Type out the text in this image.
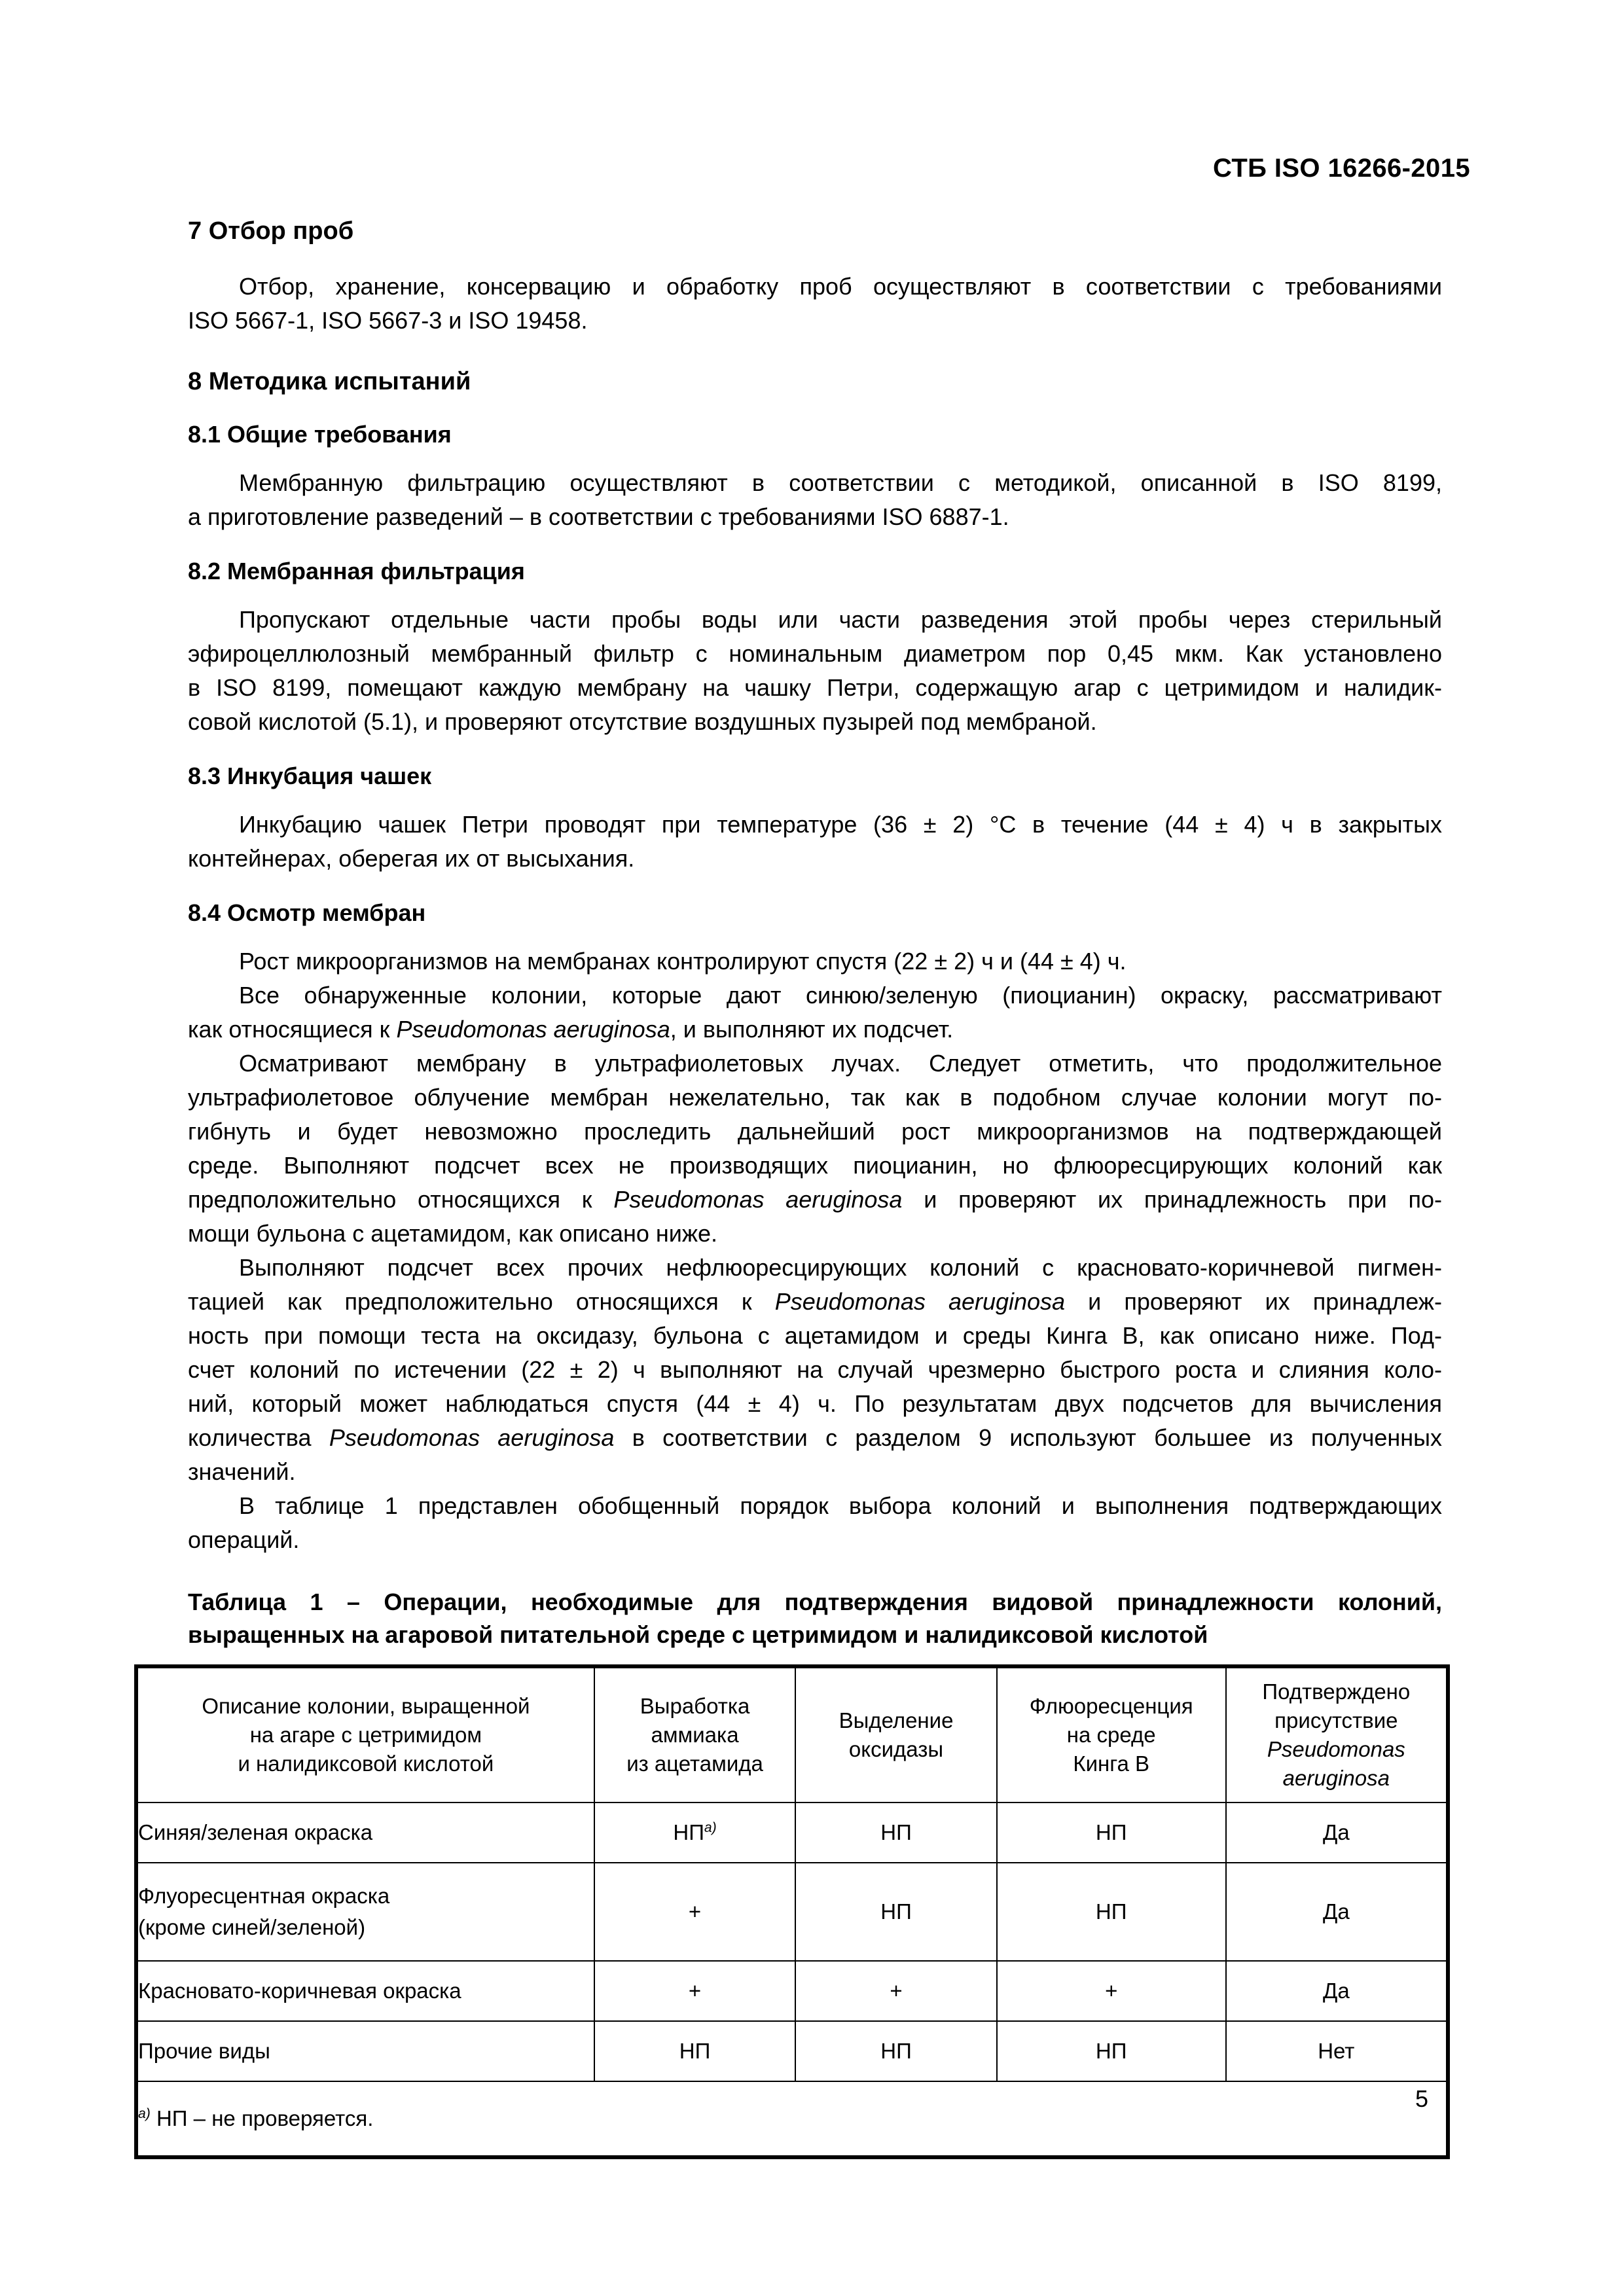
СТБ ISO 16266-2015
7 Отбор проб

Отбор, хранение, консервацию и обработку проб осуществляют в соответствии с требованиями
ISO 5667-1, ISO 5667-3 и ISO 19458.

8 Методика испытаний
8.1 Общие требования

Мембранную фильтрацию осуществляют в соответствии с методикой, описанной в ISO 8199,
а приготовление разведений – в соответствии с требованиями ISO 6887-1.

8.2 Мембранная фильтрация

Пропускают отдельные части пробы воды или части разведения этой пробы через стерильный
эфироцеллюлозный мембранный фильтр с номинальным диаметром пор 0,45 мкм. Как установлено
в ISO 8199, помещают каждую мембрану на чашку Петри, содержащую агар с цетримидом и налидик-
совой кислотой (5.1), и проверяют отсутствие воздушных пузырей под мембраной.

8.3 Инкубация чашек

Инкубацию чашек Петри проводят при температуре (36 ± 2) °C в течение (44 ± 4) ч в закрытых
контейнерах, оберегая их от высыхания.

8.4 Осмотр мембран

Рост микроорганизмов на мембранах контролируют спустя (22 ± 2) ч и (44 ± 4) ч.

Все обнаруженные колонии, которые дают синюю/зеленую (пиоцианин) окраску, рассматривают
как относящиеся к Pseudomonas aeruginosa, и выполняют их подсчет.

Осматривают мембрану в ультрафиолетовых лучах. Следует отметить, что продолжительное
ультрафиолетовое облучение мембран нежелательно, так как в подобном случае колонии могут по-
гибнуть и будет невозможно проследить дальнейший рост микроорганизмов на подтверждающей
среде. Выполняют подсчет всех не производящих пиоцианин, но флюоресцирующих колоний как
предположительно относящихся к Pseudomonas aeruginosa и проверяют их принадлежность при по-
мощи бульона с ацетамидом, как описано ниже.

Выполняют подсчет всех прочих нефлюоресцирующих колоний с красновато-коричневой пигмен-
тацией как предположительно относящихся к Pseudomonas aeruginosa и проверяют их принадлеж-
ность при помощи теста на оксидазу, бульона с ацетамидом и среды Кинга В, как описано ниже. Под-
счет колоний по истечении (22 ± 2) ч выполняют на случай чрезмерно быстрого роста и слияния коло-
ний, который может наблюдаться спустя (44 ± 4) ч. По результатам двух подсчетов для вычисления
количества Pseudomonas aeruginosa в соответствии с разделом 9 используют большее из полученных
значений.

В таблице 1 представлен обобщенный порядок выбора колоний и выполнения подтверждающих
операций.

Таблица 1 – Операции, необходимые для подтверждения видовой принадлежности колоний,
выращенных на агаровой питательной среде с цетримидом и налидиксовой кислотой
Описание колонии, выращенной
на агаре с цетримидом
и налидиксовой кислотой	Выработка
аммиака
из ацетамида	Выделение
оксидазы	Флюоресценция
на среде
Кинга В	Подтверждено
присутствие
Pseudomonas
aeruginosa
Синяя/зеленая окраска	НП$^{a)}$	НП	НП	Да
Флуоресцентная окраска
(кроме синей/зеленой)	+	НП	НП	Да
Красновато-коричневая окраска	+	+	+	Да
Прочие виды	НП	НП	НП	Нет
$^{a)}$ НП – не проверяется.				
5
